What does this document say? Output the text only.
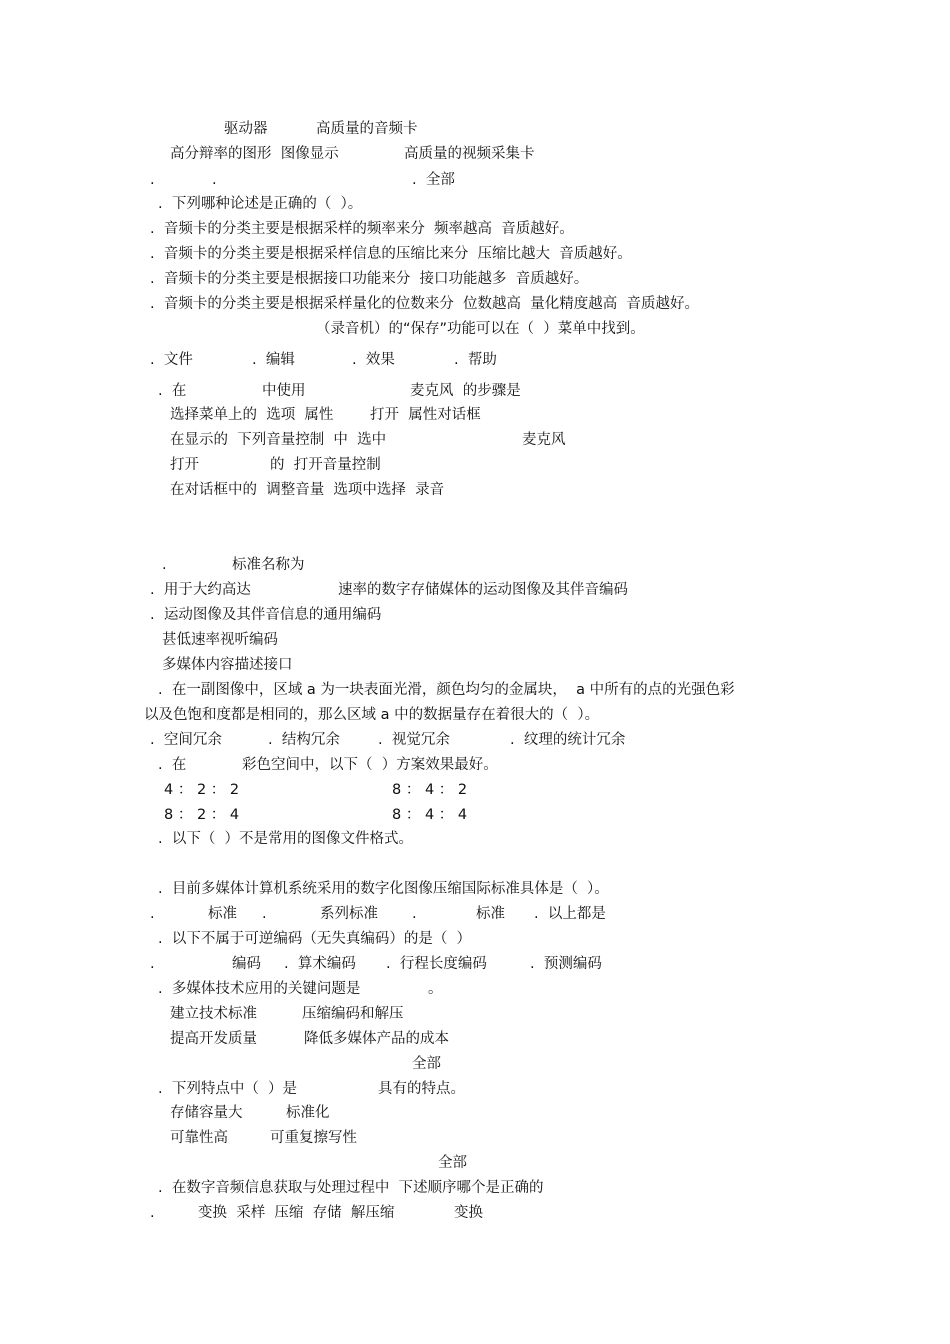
驱动器	高质量的音频卡
高分辩率的图形  图像显示	高质量的视频采集卡
.	.	.  全部
.  下列哪种论述是正确的（  ）。
.  音频卡的分类主要是根据采样的频率来分  频率越高  音质越好。
.  音频卡的分类主要是根据采样信息的压缩比来分  压缩比越大  音质越好。
.  音频卡的分类主要是根据接口功能来分  接口功能越多  音质越好。
.  音频卡的分类主要是根据采样量化的位数来分  位数越高  量化精度越高  音质越好。
（录音机）的“保存”功能可以在（  ）菜单中找到。
.  文件	.  编辑	.  效果	.  帮助
.  在	中使用	麦克风  的步骤是
选择菜单上的  选项  属性	打开  属性对话框
在显示的  下列音量控制  中  选中	麦克风
打开	的  打开音量控制
在对话框中的  调整音量  选项中选择  录音
.	标准名称为
.  用于大约高达	速率的数字存储媒体的运动图像及其伴音编码
.  运动图像及其伴音信息的通用编码
甚低速率视听编码
多媒体内容描述接口
.  在一副图像中，区域 a 为一块表面光滑，颜色均匀的金属块，  a 中所有的点的光强色彩
以及色饱和度都是相同的，那么区域 a 中的数据量存在着很大的（  ）。
.  空间冗余	.  结构冗余	.  视觉冗余	.  纹理的统计冗余
.  在	彩色空间中，以下（  ）方案效果最好。
4 ： 2 ： 2	8 ： 4 ： 2
8 ： 2 ： 4	8 ： 4 ： 4
.  以下（  ）不是常用的图像文件格式。
.  目前多媒体计算机系统采用的数字化图像压缩国际标准具体是（  ）。
.	标准 .	系列标准 .	标准 .  以上都是
.  以下不属于可逆编码（无失真编码）的是（  ）
.	编码 .  算术编码 .  行程长度编码	.  预测编码
.  多媒体技术应用的关键问题是	。
建立技术标准	压缩编码和解压
提高开发质量	降低多媒体产品的成本
全部
.  下列特点中（  ）是	具有的特点。
存储容量大	标准化
可靠性高	可重复擦写性
全部
.  在数字音频信息获取与处理过程中  下述顺序哪个是正确的
.	变换  采样  压缩  存储  解压缩	变换
